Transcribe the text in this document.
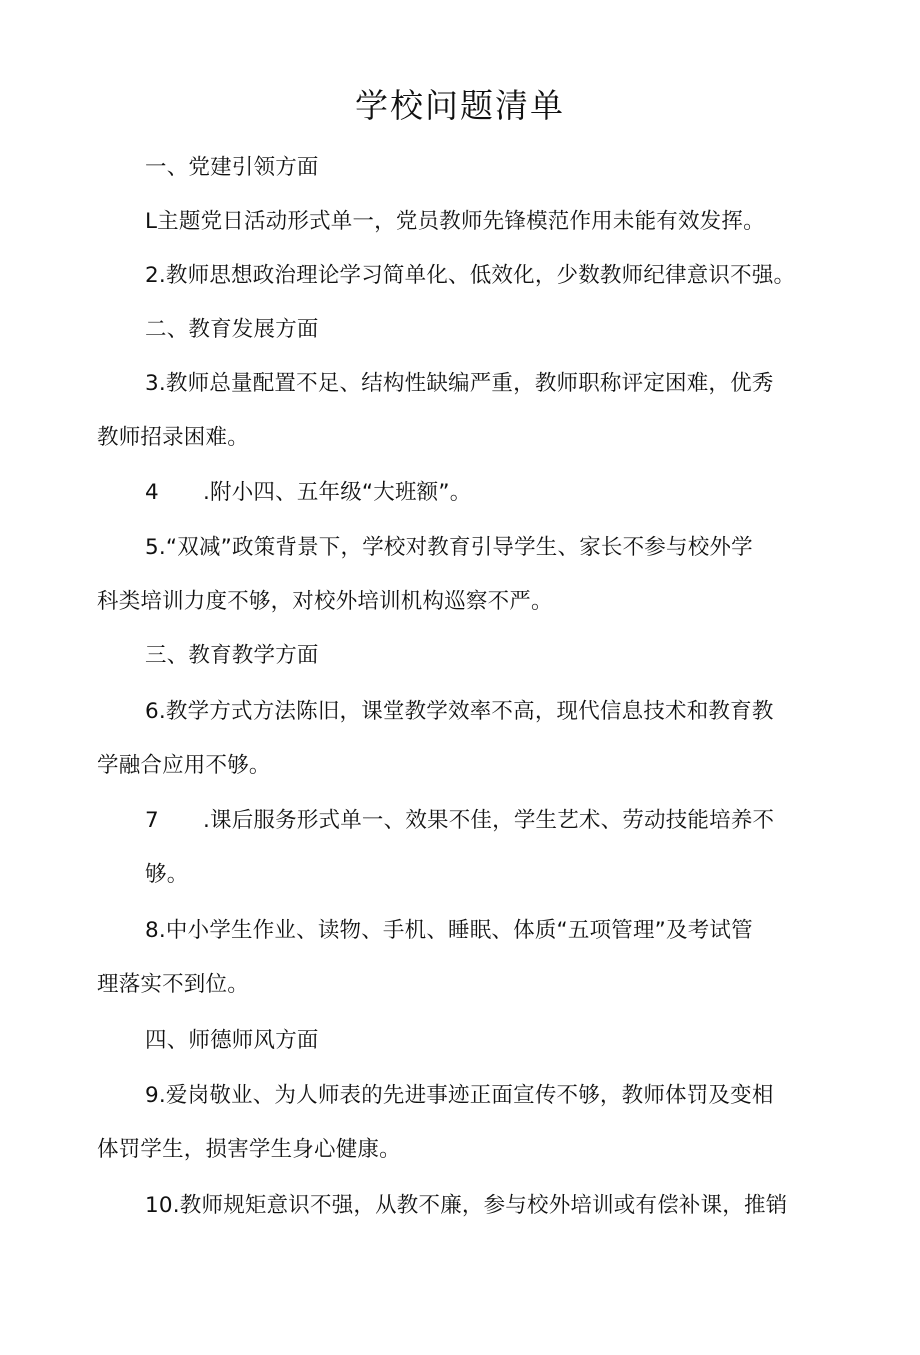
学校问题清单
一、党建引领方面
L主题党日活动形式单一，党员教师先锋模范作用未能有效发挥。
2.教师思想政治理论学习简单化、低效化，少数教师纪律意识不强。
二、教育发展方面
3.教师总量配置不足、结构性缺编严重，教师职称评定困难，优秀
教师招录困难。
4 .附小四、五年级“大班额”。
5.“双减”政策背景下，学校对教育引导学生、家长不参与校外学
科类培训力度不够，对校外培训机构巡察不严。
三、教育教学方面
6.教学方式方法陈旧，课堂教学效率不高，现代信息技术和教育教
学融合应用不够。
7 .课后服务形式单一、效果不佳，学生艺术、劳动技能培养不
够。
8.中小学生作业、读物、手机、睡眠、体质“五项管理”及考试管
理落实不到位。
四、师德师风方面
9.爱岗敬业、为人师表的先进事迹正面宣传不够，教师体罚及变相
体罚学生，损害学生身心健康。
10.教师规矩意识不强，从教不廉，参与校外培训或有偿补课，推销
